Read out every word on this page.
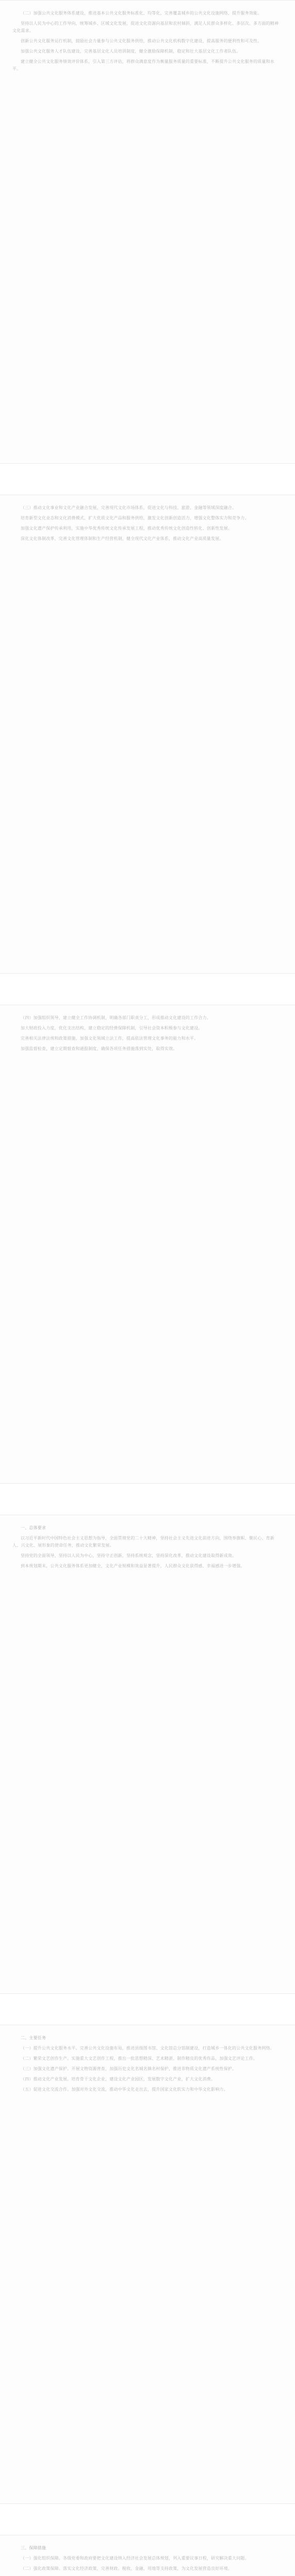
（二）加强公共文化服务体系建设，推进基本公共文化服务标准化、均等化，完善覆盖城乡的公共文化设施网络，提升服务效能。

坚持以人民为中心的工作导向，统筹城乡、区域文化发展，促进文化资源向基层和农村倾斜，满足人民群众多样化、多层次、多方面的精神文化需求。

创新公共文化服务运行机制，鼓励社会力量参与公共文化服务供给，推动公共文化机构数字化建设，提高服务的便利性和可及性。

加强公共文化服务人才队伍建设，完善基层文化人员培训制度，健全激励保障机制，稳定和壮大基层文化工作者队伍。

建立健全公共文化服务绩效评价体系，引入第三方评估，将群众满意度作为衡量服务质量的重要标准，不断提升公共文化服务的质量和水平。

（三）推动文化事业和文化产业融合发展，完善现代文化市场体系，促进文化与科技、旅游、金融等领域深度融合。

培育新型文化业态和文化消费模式，扩大优质文化产品和服务供给，激发文化创新创造活力，增强文化整体实力和竞争力。

加强文化遗产保护传承利用，实施中华优秀传统文化传承发展工程，推动优秀传统文化创造性转化、创新性发展。

深化文化体制改革，完善文化管理体制和生产经营机制，健全现代文化产业体系，推动文化产业高质量发展。

（四）加强组织领导，建立健全工作协调机制，明确各部门职责分工，形成推动文化建设的工作合力。

加大财政投入力度，优化支出结构，建立稳定的经费保障机制，引导社会资本积极参与文化建设。

完善相关法律法规和政策措施，加强文化领域立法工作，提高依法管理文化事务的能力和水平。

加强监督检查，建立定期督查和通报制度，确保各项任务措施落到实处，取得实效。

一、总体要求

以习近平新时代中国特色社会主义思想为指导，全面贯彻党的二十大精神，坚持社会主义先进文化前进方向，围绕举旗帜、聚民心、育新人、兴文化、展形象的使命任务，推动文化繁荣发展。

坚持党的全面领导，坚持以人民为中心，坚持守正创新，坚持系统观念，坚持深化改革，推动文化建设取得新成效。

到本规划期末，公共文化服务体系更加健全，文化产业规模和效益显著提升，人民群众文化获得感、幸福感进一步增强。

二、主要任务

（一）提升公共文化服务水平。完善公共文化设施布局，推进县级图书馆、文化馆总分馆制建设，打造城乡一体化的公共文化服务网络。

（二）繁荣文艺创作生产。实施重大文艺创作工程，推出一批思想精深、艺术精湛、制作精良的优秀作品，加强文艺评论工作。

（三）加强文化遗产保护。开展文物资源普查，加强历史文化名城名镇名村保护，推进非物质文化遗产系统性保护。

（四）推动文化产业发展。培育骨干文化企业，建设文化产业园区，发展数字文化产业，扩大文化消费。

（五）促进文化交流合作。加强对外文化交流，推动中华文化走出去，提升国家文化软实力和中华文化影响力。

三、保障措施

（一）强化组织保障。各级党委和政府要把文化建设纳入经济社会发展总体规划，列入重要议事日程，研究解决重大问题。

（二）强化政策保障。落实文化经济政策，完善财政、税收、金融、用地等支持政策，为文化发展营造良好环境。
